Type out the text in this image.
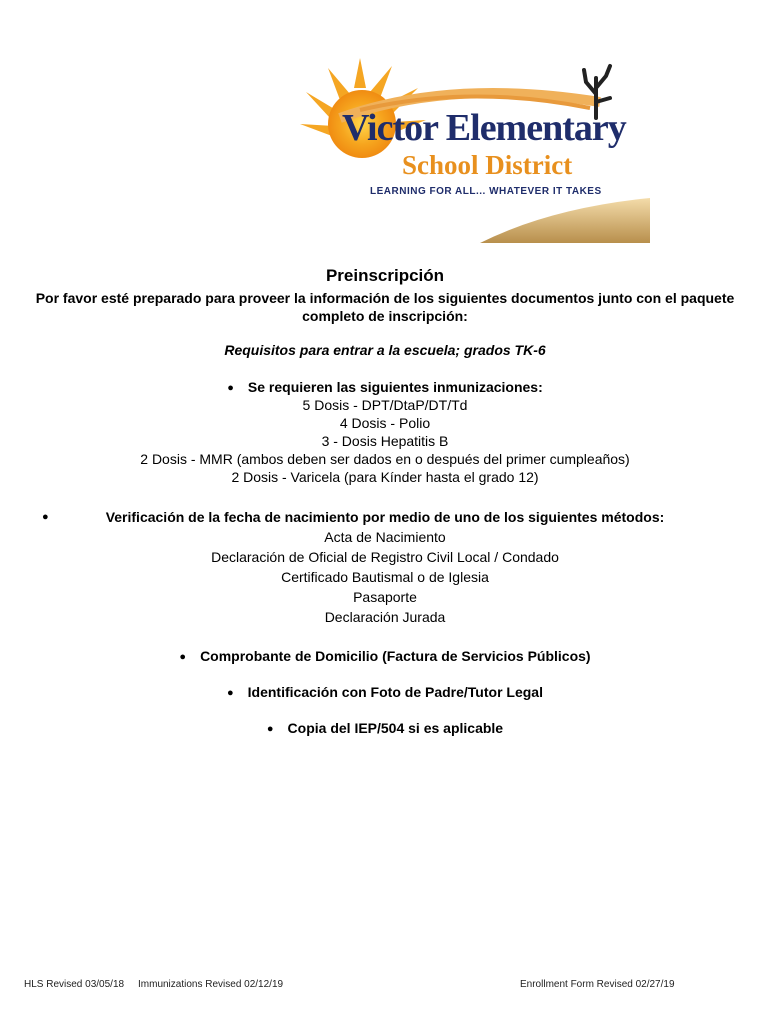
Victor Elementary
School District
LEARNING FOR ALL... WHATEVER IT TAKES
Preinscripción
Por favor esté preparado para proveer la información de los siguientes documentos junto con el paquete completo de inscripción:
Requisitos para entrar a la escuela; grados TK-6
● Se requieren las siguientes inmunizaciones:
5 Dosis - DPT/DtaP/DT/Td
4 Dosis - Polio
3 - Dosis Hepatitis B
2 Dosis - MMR (ambos deben ser dados en o después del primer cumpleaños)
2 Dosis - Varicela (para Kínder hasta el grado 12)
●	Verificación de la fecha de nacimiento por medio de uno de los siguientes métodos:
Acta de Nacimiento
Declaración de Oficial de Registro Civil Local / Condado
Certificado Bautismal o de Iglesia
Pasaporte
Declaración Jurada
● Comprobante de Domicilio (Factura de Servicios Públicos)
● Identificación con Foto de Padre/Tutor Legal
● Copia del IEP/504 si es aplicable
HLS Revised 03/05/18 Immunizations Revised 02/12/19	Enrollment Form Revised 02/27/19
